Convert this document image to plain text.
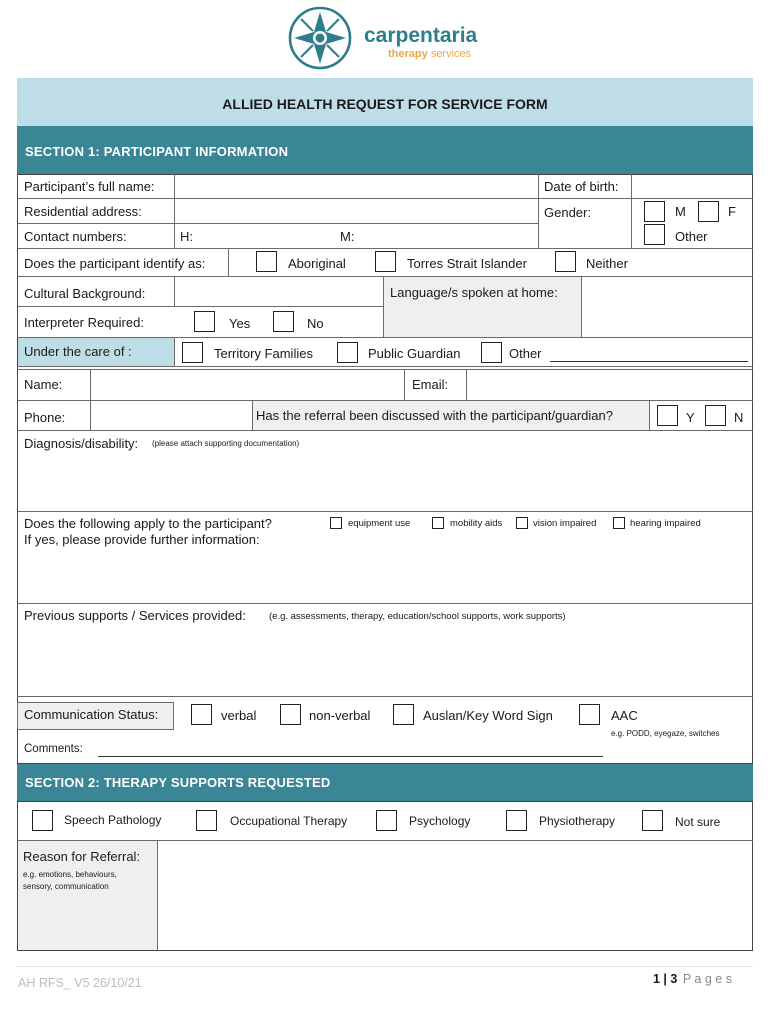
carpentaria
therapy services
ALLIED HEALTH REQUEST FOR SERVICE FORM
SECTION 1: PARTICIPANT INFORMATION
Participant’s full name:	Date of birth:
Residential address:	Gender:	M	F
Other
Contact numbers:	H:	M:
Does the participant identify as:	Aboriginal	Torres Strait Islander	Neither
Cultural Background:	Language/s spoken at home:
Interpreter Required:	Yes	No
Under the care of :	Territory Families	Public Guardian	Other
Name:	Email:
Phone:	Has the referral been discussed with the participant/guardian?	Y	N
Diagnosis/disability: (please attach supporting documentation)
Does the following apply to the participant?
If yes, please provide further information:
equipment use	mobility aids	vision impaired	hearing impaired
Previous supports / Services provided: (e.g. assessments, therapy, education/school supports, work supports)
Communication Status:	verbal	non-verbal	Auslan/Key Word Sign	AAC
e.g. PODD, eyegaze, switches
Comments:
SECTION 2: THERAPY SUPPORTS REQUESTED
Speech Pathology	Occupational Therapy	Psychology	Physiotherapy	Not sure
Reason for Referral:
e.g. emotions, behaviours,
sensory, communication
AH RFS_ V5 26/10/21	1 | 3 P a g e s
